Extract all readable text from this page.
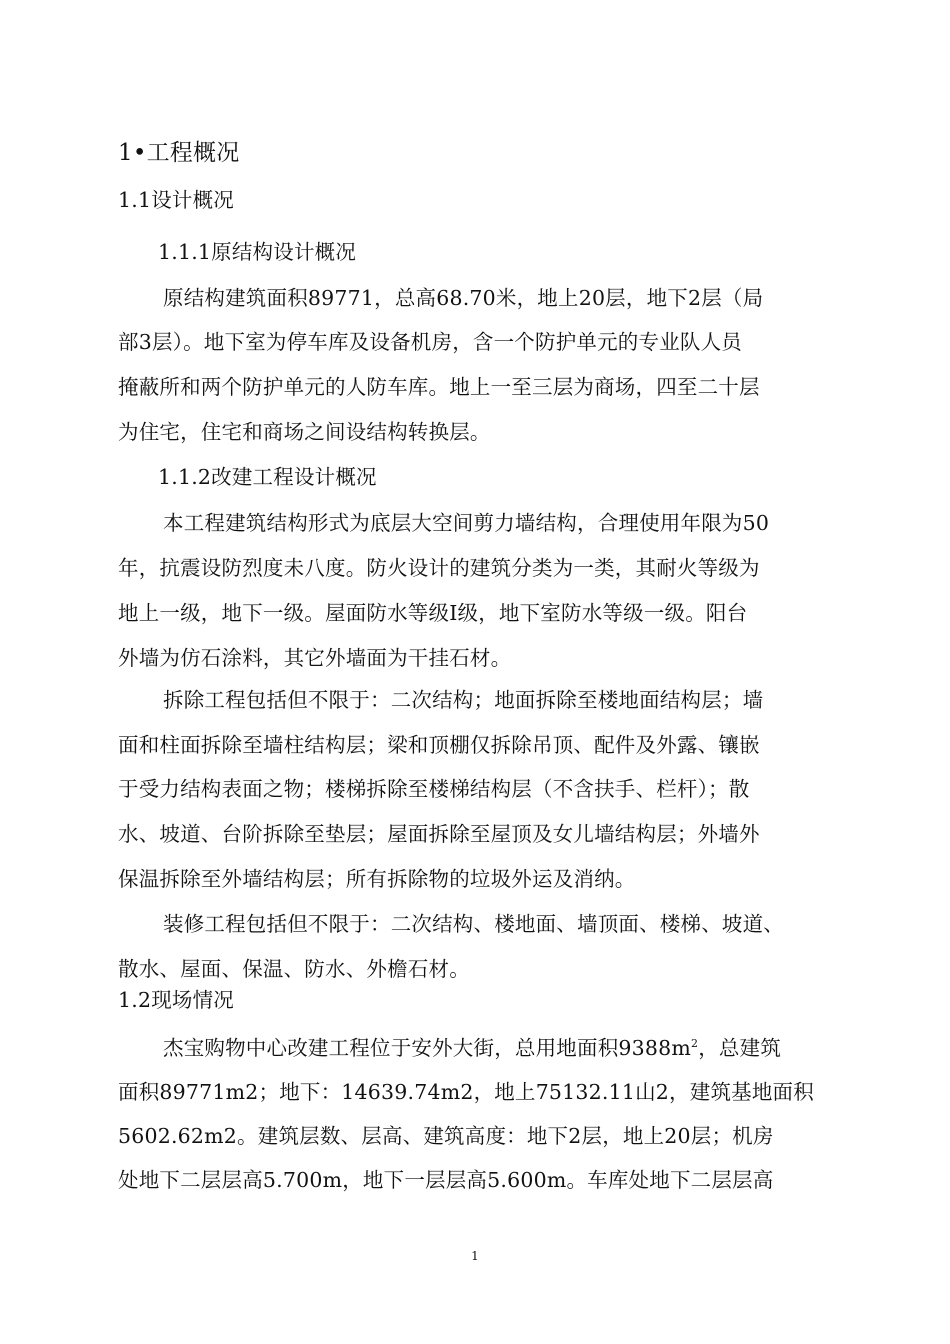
1•工程概况
1.1设计概况
1.1.1原结构设计概况
原结构建筑面积89771，总高68.70米，地上20层，地下2层（局
部3层）。地下室为停车库及设备机房，含一个防护单元的专业队人员
掩蔽所和两个防护单元的人防车库。地上一至三层为商场，四至二十层
为住宅，住宅和商场之间设结构转换层。
1.1.2改建工程设计概况
本工程建筑结构形式为底层大空间剪力墙结构，合理使用年限为50
年，抗震设防烈度未八度。防火设计的建筑分类为一类，其耐火等级为
地上一级，地下一级。屋面防水等级Ⅰ级，地下室防水等级一级。阳台
外墙为仿石涂料，其它外墙面为干挂石材。
拆除工程包括但不限于：二次结构；地面拆除至楼地面结构层；墙
面和柱面拆除至墙柱结构层；梁和顶棚仅拆除吊顶、配件及外露、镶嵌
于受力结构表面之物；楼梯拆除至楼梯结构层（不含扶手、栏杆）；散
水、坡道、台阶拆除至垫层；屋面拆除至屋顶及女儿墙结构层；外墙外
保温拆除至外墙结构层；所有拆除物的垃圾外运及消纳。
装修工程包括但不限于：二次结构、楼地面、墙顶面、楼梯、坡道、
散水、屋面、保温、防水、外檐石材。
1.2现场情况
杰宝购物中心改建工程位于安外大街，总用地面积$9388m^2$，总建筑
面积89771m2；地下：14639.74m2，地上75132.11山2，建筑基地面积
5602.62m2。建筑层数、层高、建筑高度：地下2层，地上20层；机房
处地下二层层高5.700m，地下一层层高5.600m。车库处地下二层层高
1
